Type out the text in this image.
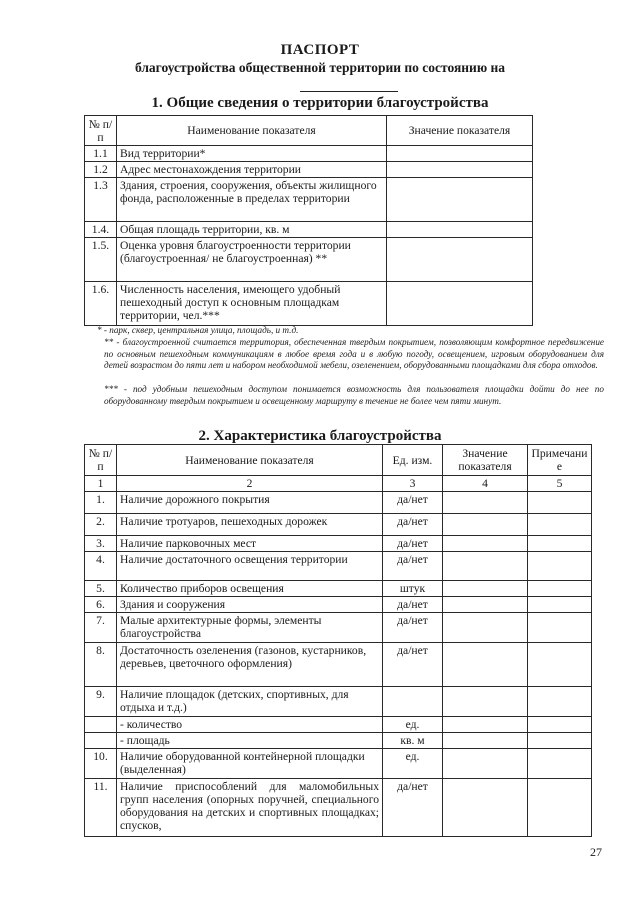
ПАСПОРТ
благоустройства общественной территории по состоянию на
1. Общие сведения о территории благоустройства
№ п/п	Наименование показателя	Значение показателя
1.1	Вид территории*	
1.2	Адрес местонахождения территории	
1.3	Здания, строения, сооружения, объекты жилищного фонда, расположенные в пределах территории	
1.4.	Общая площадь территории, кв. м	
1.5.	Оценка уровня благоустроенности территории (благоустроенная/ не благоустроенная) **	
1.6.	Численность населения, имеющего удобный пешеходный доступ к основным площадкам территории, чел.***	
* - парк, сквер, центральная улица, площадь, и т.д.
** - благоустроенной считается территория, обеспеченная твердым покрытием, позволяющим комфортное передвижение по основным пешеходным коммуникациям в любое время года и в любую погоду, освещением, игровым оборудованием для детей возрастом до пяти лет и набором необходимой мебели, озеленением, оборудованными площадками для сбора отходов.
*** - под удобным пешеходным доступом понимается возможность для пользователя площадки дойти до нее по оборудованному твердым покрытием и освещенному маршруту в течение не более чем пяти минут.
2. Характеристика благоустройства
№ п/п	Наименование показателя	Ед. изм.	Значение показателя	Примечание
1	2	3	4	5
1.	Наличие дорожного покрытия	да/нет		
2.	Наличие тротуаров, пешеходных дорожек	да/нет		
3.	Наличие парковочных мест	да/нет		
4.	Наличие достаточного освещения территории	да/нет		
5.	Количество приборов освещения	штук		
6.	Здания и сооружения	да/нет		
7.	Малые архитектурные формы, элементы благоустройства	да/нет		
8.	Достаточность озеленения (газонов, кустарников, деревьев, цветочного оформления)	да/нет		
9.	Наличие площадок (детских, спортивных, для отдыха и т.д.)			
	- количество	ед.		
	- площадь	кв. м		
10.	Наличие оборудованной контейнерной площадки (выделенная)	ед.		
11.	Наличие приспособлений для маломобильных групп населения (опорных поручней, специального оборудования на детских и спортивных площадках; спусков,	да/нет		
27
